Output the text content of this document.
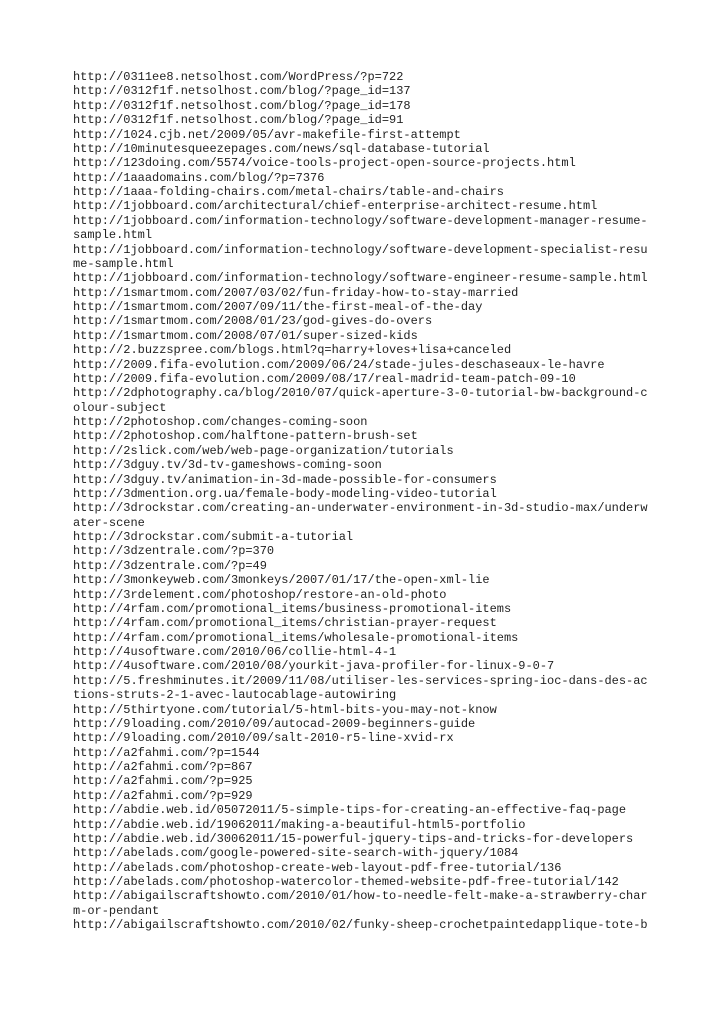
http://0311ee8.netsolhost.com/WordPress/?p=722
http://0312f1f.netsolhost.com/blog/?page_id=137
http://0312f1f.netsolhost.com/blog/?page_id=178
http://0312f1f.netsolhost.com/blog/?page_id=91
http://1024.cjb.net/2009/05/avr-makefile-first-attempt
http://10minutesqueezepages.com/news/sql-database-tutorial
http://123doing.com/5574/voice-tools-project-open-source-projects.html
http://1aaadomains.com/blog/?p=7376
http://1aaa-folding-chairs.com/metal-chairs/table-and-chairs
http://1jobboard.com/architectural/chief-enterprise-architect-resume.html
http://1jobboard.com/information-technology/software-development-manager-resume-
sample.html
http://1jobboard.com/information-technology/software-development-specialist-resu
me-sample.html
http://1jobboard.com/information-technology/software-engineer-resume-sample.html
http://1smartmom.com/2007/03/02/fun-friday-how-to-stay-married
http://1smartmom.com/2007/09/11/the-first-meal-of-the-day
http://1smartmom.com/2008/01/23/god-gives-do-overs
http://1smartmom.com/2008/07/01/super-sized-kids
http://2.buzzspree.com/blogs.html?q=harry+loves+lisa+canceled
http://2009.fifa-evolution.com/2009/06/24/stade-jules-deschaseaux-le-havre
http://2009.fifa-evolution.com/2009/08/17/real-madrid-team-patch-09-10
http://2dphotography.ca/blog/2010/07/quick-aperture-3-0-tutorial-bw-background-c
olour-subject
http://2photoshop.com/changes-coming-soon
http://2photoshop.com/halftone-pattern-brush-set
http://2slick.com/web/web-page-organization/tutorials
http://3dguy.tv/3d-tv-gameshows-coming-soon
http://3dguy.tv/animation-in-3d-made-possible-for-consumers
http://3dmention.org.ua/female-body-modeling-video-tutorial
http://3drockstar.com/creating-an-underwater-environment-in-3d-studio-max/underw
ater-scene
http://3drockstar.com/submit-a-tutorial
http://3dzentrale.com/?p=370
http://3dzentrale.com/?p=49
http://3monkeyweb.com/3monkeys/2007/01/17/the-open-xml-lie
http://3rdelement.com/photoshop/restore-an-old-photo
http://4rfam.com/promotional_items/business-promotional-items
http://4rfam.com/promotional_items/christian-prayer-request
http://4rfam.com/promotional_items/wholesale-promotional-items
http://4usoftware.com/2010/06/collie-html-4-1
http://4usoftware.com/2010/08/yourkit-java-profiler-for-linux-9-0-7
http://5.freshminutes.it/2009/11/08/utiliser-les-services-spring-ioc-dans-des-ac
tions-struts-2-1-avec-lautocablage-autowiring
http://5thirtyone.com/tutorial/5-html-bits-you-may-not-know
http://9loading.com/2010/09/autocad-2009-beginners-guide
http://9loading.com/2010/09/salt-2010-r5-line-xvid-rx
http://a2fahmi.com/?p=1544
http://a2fahmi.com/?p=867
http://a2fahmi.com/?p=925
http://a2fahmi.com/?p=929
http://abdie.web.id/05072011/5-simple-tips-for-creating-an-effective-faq-page
http://abdie.web.id/19062011/making-a-beautiful-html5-portfolio
http://abdie.web.id/30062011/15-powerful-jquery-tips-and-tricks-for-developers
http://abelads.com/google-powered-site-search-with-jquery/1084
http://abelads.com/photoshop-create-web-layout-pdf-free-tutorial/136
http://abelads.com/photoshop-watercolor-themed-website-pdf-free-tutorial/142
http://abigailscraftshowto.com/2010/01/how-to-needle-felt-make-a-strawberry-char
m-or-pendant
http://abigailscraftshowto.com/2010/02/funky-sheep-crochetpaintedapplique-tote-b
